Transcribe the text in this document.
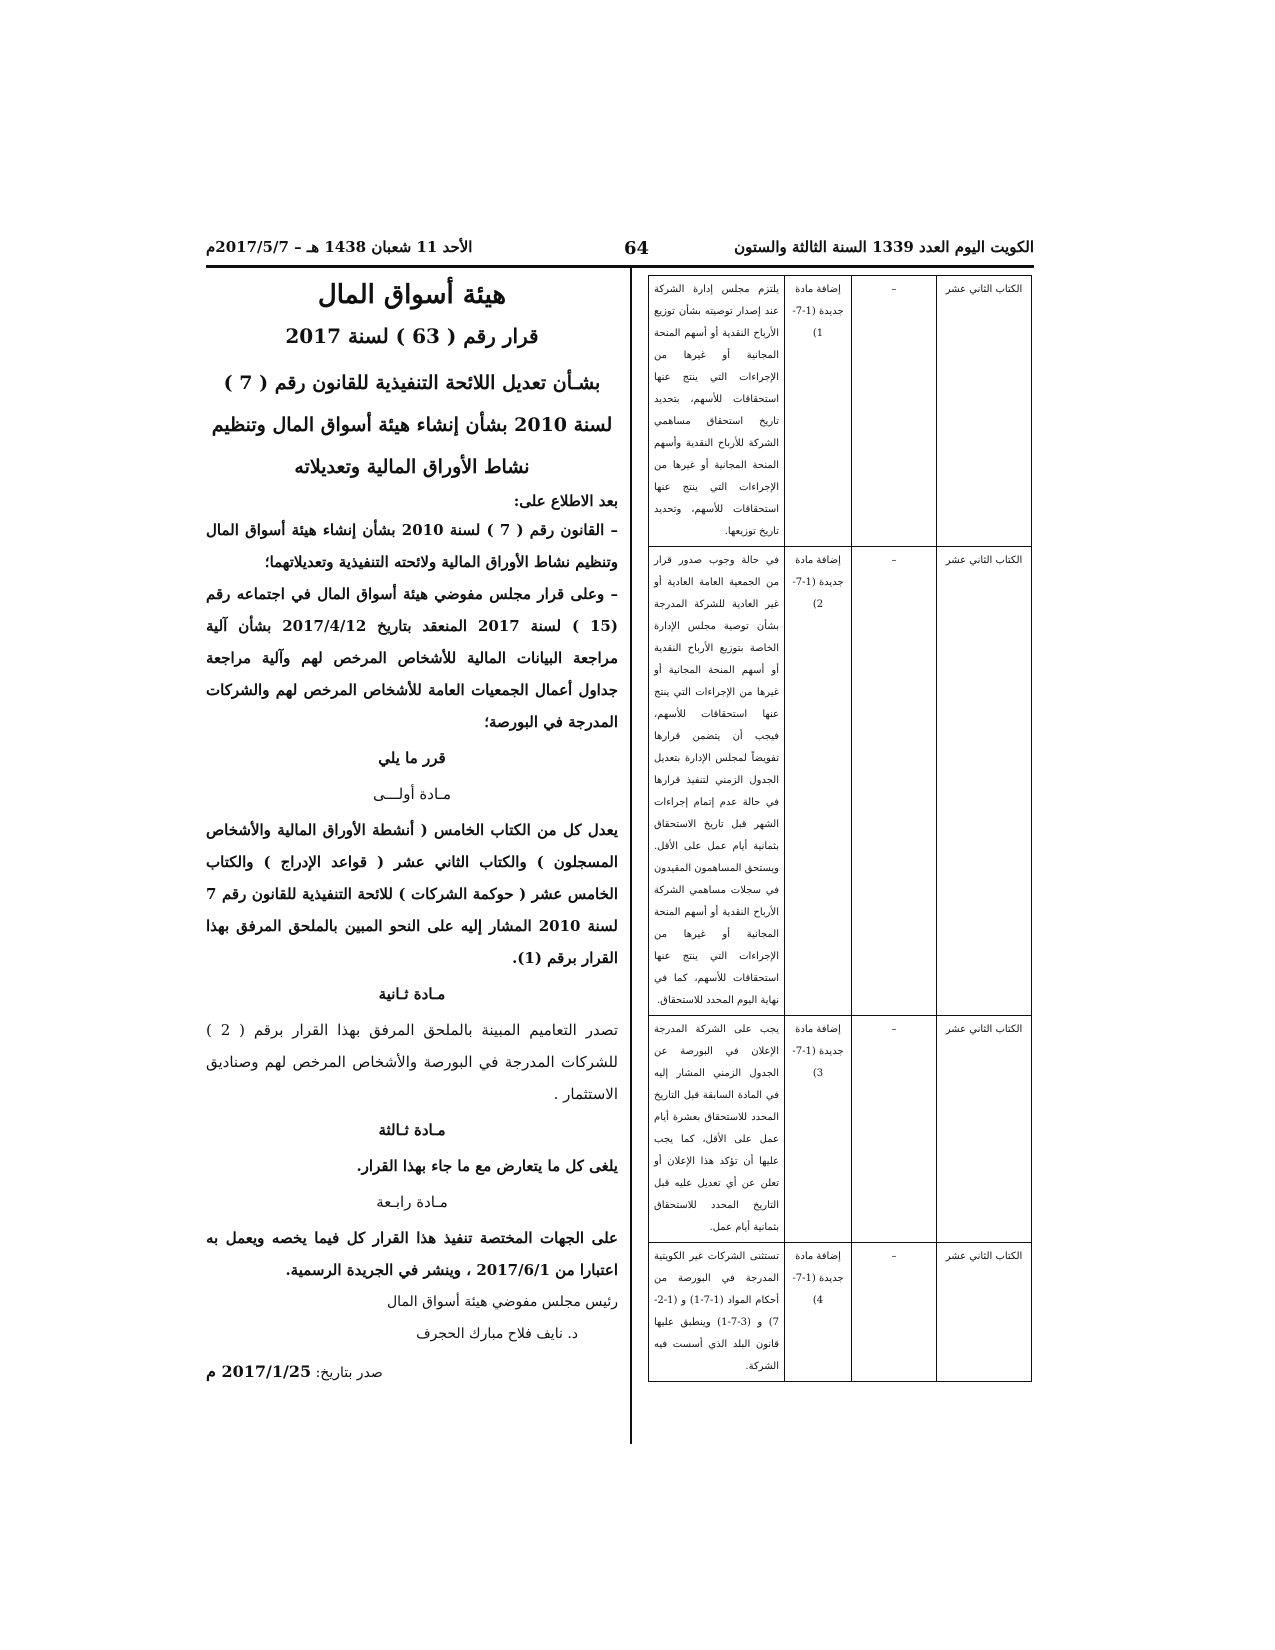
الكويت اليوم العدد 1339 السنة الثالثة والستون
64
الأحد 11 شعبان 1438 هـ – 2017/5/7م
هيئة أسواق المال
قرار رقم ( 63 ) لسنة 2017
بشـأن تعديل اللائحة التنفيذية للقانون رقم ( 7 )
لسنة 2010 بشأن إنشاء هيئة أسواق المال وتنظيم
نشاط الأوراق المالية وتعديلاته
بعد الاطلاع على:

– القانون رقم ( 7 ) لسنة 2010 بشأن إنشاء هيئة أسواق المال وتنظيم نشاط الأوراق المالية ولائحته التنفيذية وتعديلاتهما؛

– وعلى قرار مجلس مفوضي هيئة أسواق المال في اجتماعه رقم (15 ) لسنة 2017 المنعقد بتاريخ 2017/4/12 بشأن آلية مراجعة البيانات المالية للأشخاص المرخص لهم وآلية مراجعة جداول أعمال الجمعيات العامة للأشخاص المرخص لهم والشركات المدرجة في البورصة؛

قرر ما يلي
مـادة أولـــى

يعدل كل من الكتاب الخامس ( أنشطة الأوراق المالية والأشخاص المسجلون ) والكتاب الثاني عشر ( قواعد الإدراج ) والكتاب الخامس عشر ( حوكمة الشركات ) للائحة التنفيذية للقانون رقم 7 لسنة 2010 المشار إليه على النحو المبين بالملحق المرفق بهذا القرار برقم (1).

مـادة ثـانية

تصدر التعاميم المبينة بالملحق المرفق بهذا القرار برقم ( 2 ) للشركات المدرجة في البورصة والأشخاص المرخص لهم وصناديق الاستثمار .

مـادة ثـالثة

يلغى كل ما يتعارض مع ما جاء بهذا القرار.

مـادة رابـعة

على الجهات المختصة تنفيذ هذا القرار كل فيما يخصه ويعمل به اعتبارا من 2017/6/1 ، وينشر في الجريدة الرسمية.

رئيس مجلس مفوضي هيئة أسواق المال

د. نايف فلاح مبارك الحجرف

صدر بتاريخ: 2017/1/25 م
الكتاب الثاني عشر	–	إضافة مادة جديدة (1-7-1)	يلتزم مجلس إدارة الشركة عند إصدار توصيته بشأن توزيع الأرباح النقدية أو أسهم المنحة المجانية أو غيرها من الإجراءات التي ينتج عنها استحقاقات للأسهم، بتحديد تاريخ استحقاق مساهمي الشركة للأرباح النقدية وأسهم المنحة المجانية أو غيرها من الإجراءات التي ينتج عنها استحقاقات للأسهم، وتحديد تاريخ توزيعها.
الكتاب الثاني عشر	–	إضافة مادة جديدة (1-7-2)	في حالة وجوب صدور قرار من الجمعية العامة العادية أو غير العادية للشركة المدرجة بشأن توصية مجلس الإدارة الخاصة بتوزيع الأرباح النقدية أو أسهم المنحة المجانية أو غيرها من الإجراءات التي ينتج عنها استحقاقات للأسهم، فيجب أن يتضمن قرارها تفويضاً لمجلس الإدارة بتعديل الجدول الزمني لتنفيذ قرارها في حالة عدم إتمام إجراءات الشهر قبل تاريخ الاستحقاق بثمانية أيام عمل على الأقل. ويستحق المساهمون المقيدون في سجلات مساهمي الشركة الأرباح النقدية أو أسهم المنحة المجانية أو غيرها من الإجراءات التي ينتج عنها استحقاقات للأسهم، كما في نهاية اليوم المحدد للاستحقاق.
الكتاب الثاني عشر	–	إضافة مادة جديدة (1-7-3)	يجب على الشركة المدرجة الإعلان في البورصة عن الجدول الزمني المشار إليه في المادة السابقة قبل التاريخ المحدد للاستحقاق بعشرة أيام عمل على الأقل، كما يجب عليها أن تؤكد هذا الإعلان أو تعلن عن أي تعديل عليه قبل التاريخ المحدد للاستحقاق بثمانية أيام عمل.
الكتاب الثاني عشر	–	إضافة مادة جديدة (1-7-4)	تستثنى الشركات غير الكويتية المدرجة في البورصة من أحكام المواد (1-7-1) و (1-2-7) و (3-7-1) وينطبق عليها قانون البلد الذي أسست فيه الشركة.
